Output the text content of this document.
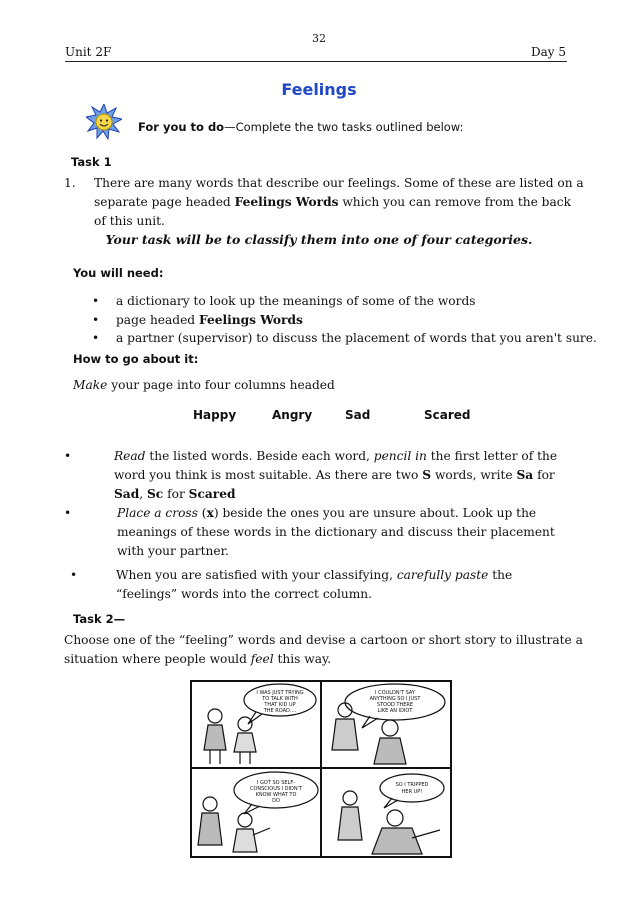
32
Unit 2F	Day 5
Feelings
For you to do—Complete the two tasks outlined below:
Task 1
1. There are many words that describe our feelings. Some of these are listed on a separate page headed Feelings Words which you can remove from the back of this unit.
Your task will be to classify them into one of four categories.
You will need:
• a dictionary to look up the meanings of some of the words
• page headed Feelings Words
• a partner (supervisor) to discuss the placement of words that you aren't sure.
How to go about it:
Make your page into four columns headed
Happy	Angry	Sad	Scared
•	Read the listed words. Beside each word, pencil in the first letter of the word you think is most suitable. As there are two S words, write Sa for Sad, Sc for Scared
•	Place a cross (x) beside the ones you are unsure about. Look up the meanings of these words in the dictionary and discuss their placement with your partner.
•	When you are satisfied with your classifying, carefully paste the “feelings” words into the correct column.
Task 2—
Choose one of the “feeling” words and devise a cartoon or short story to illustrate a situation where people would feel this way.
I WAS JUST TRYING
TO TALK WITH
THAT KID UP
THE ROAD....
I COULDN'T SAY
ANYTHING SO I JUST
STOOD THERE
LIKE AN IDIOT
I GOT SO SELF-
CONSCIOUS I DIDN'T
KNOW WHAT TO
DO
SO I TRIPPED
HER UP!
